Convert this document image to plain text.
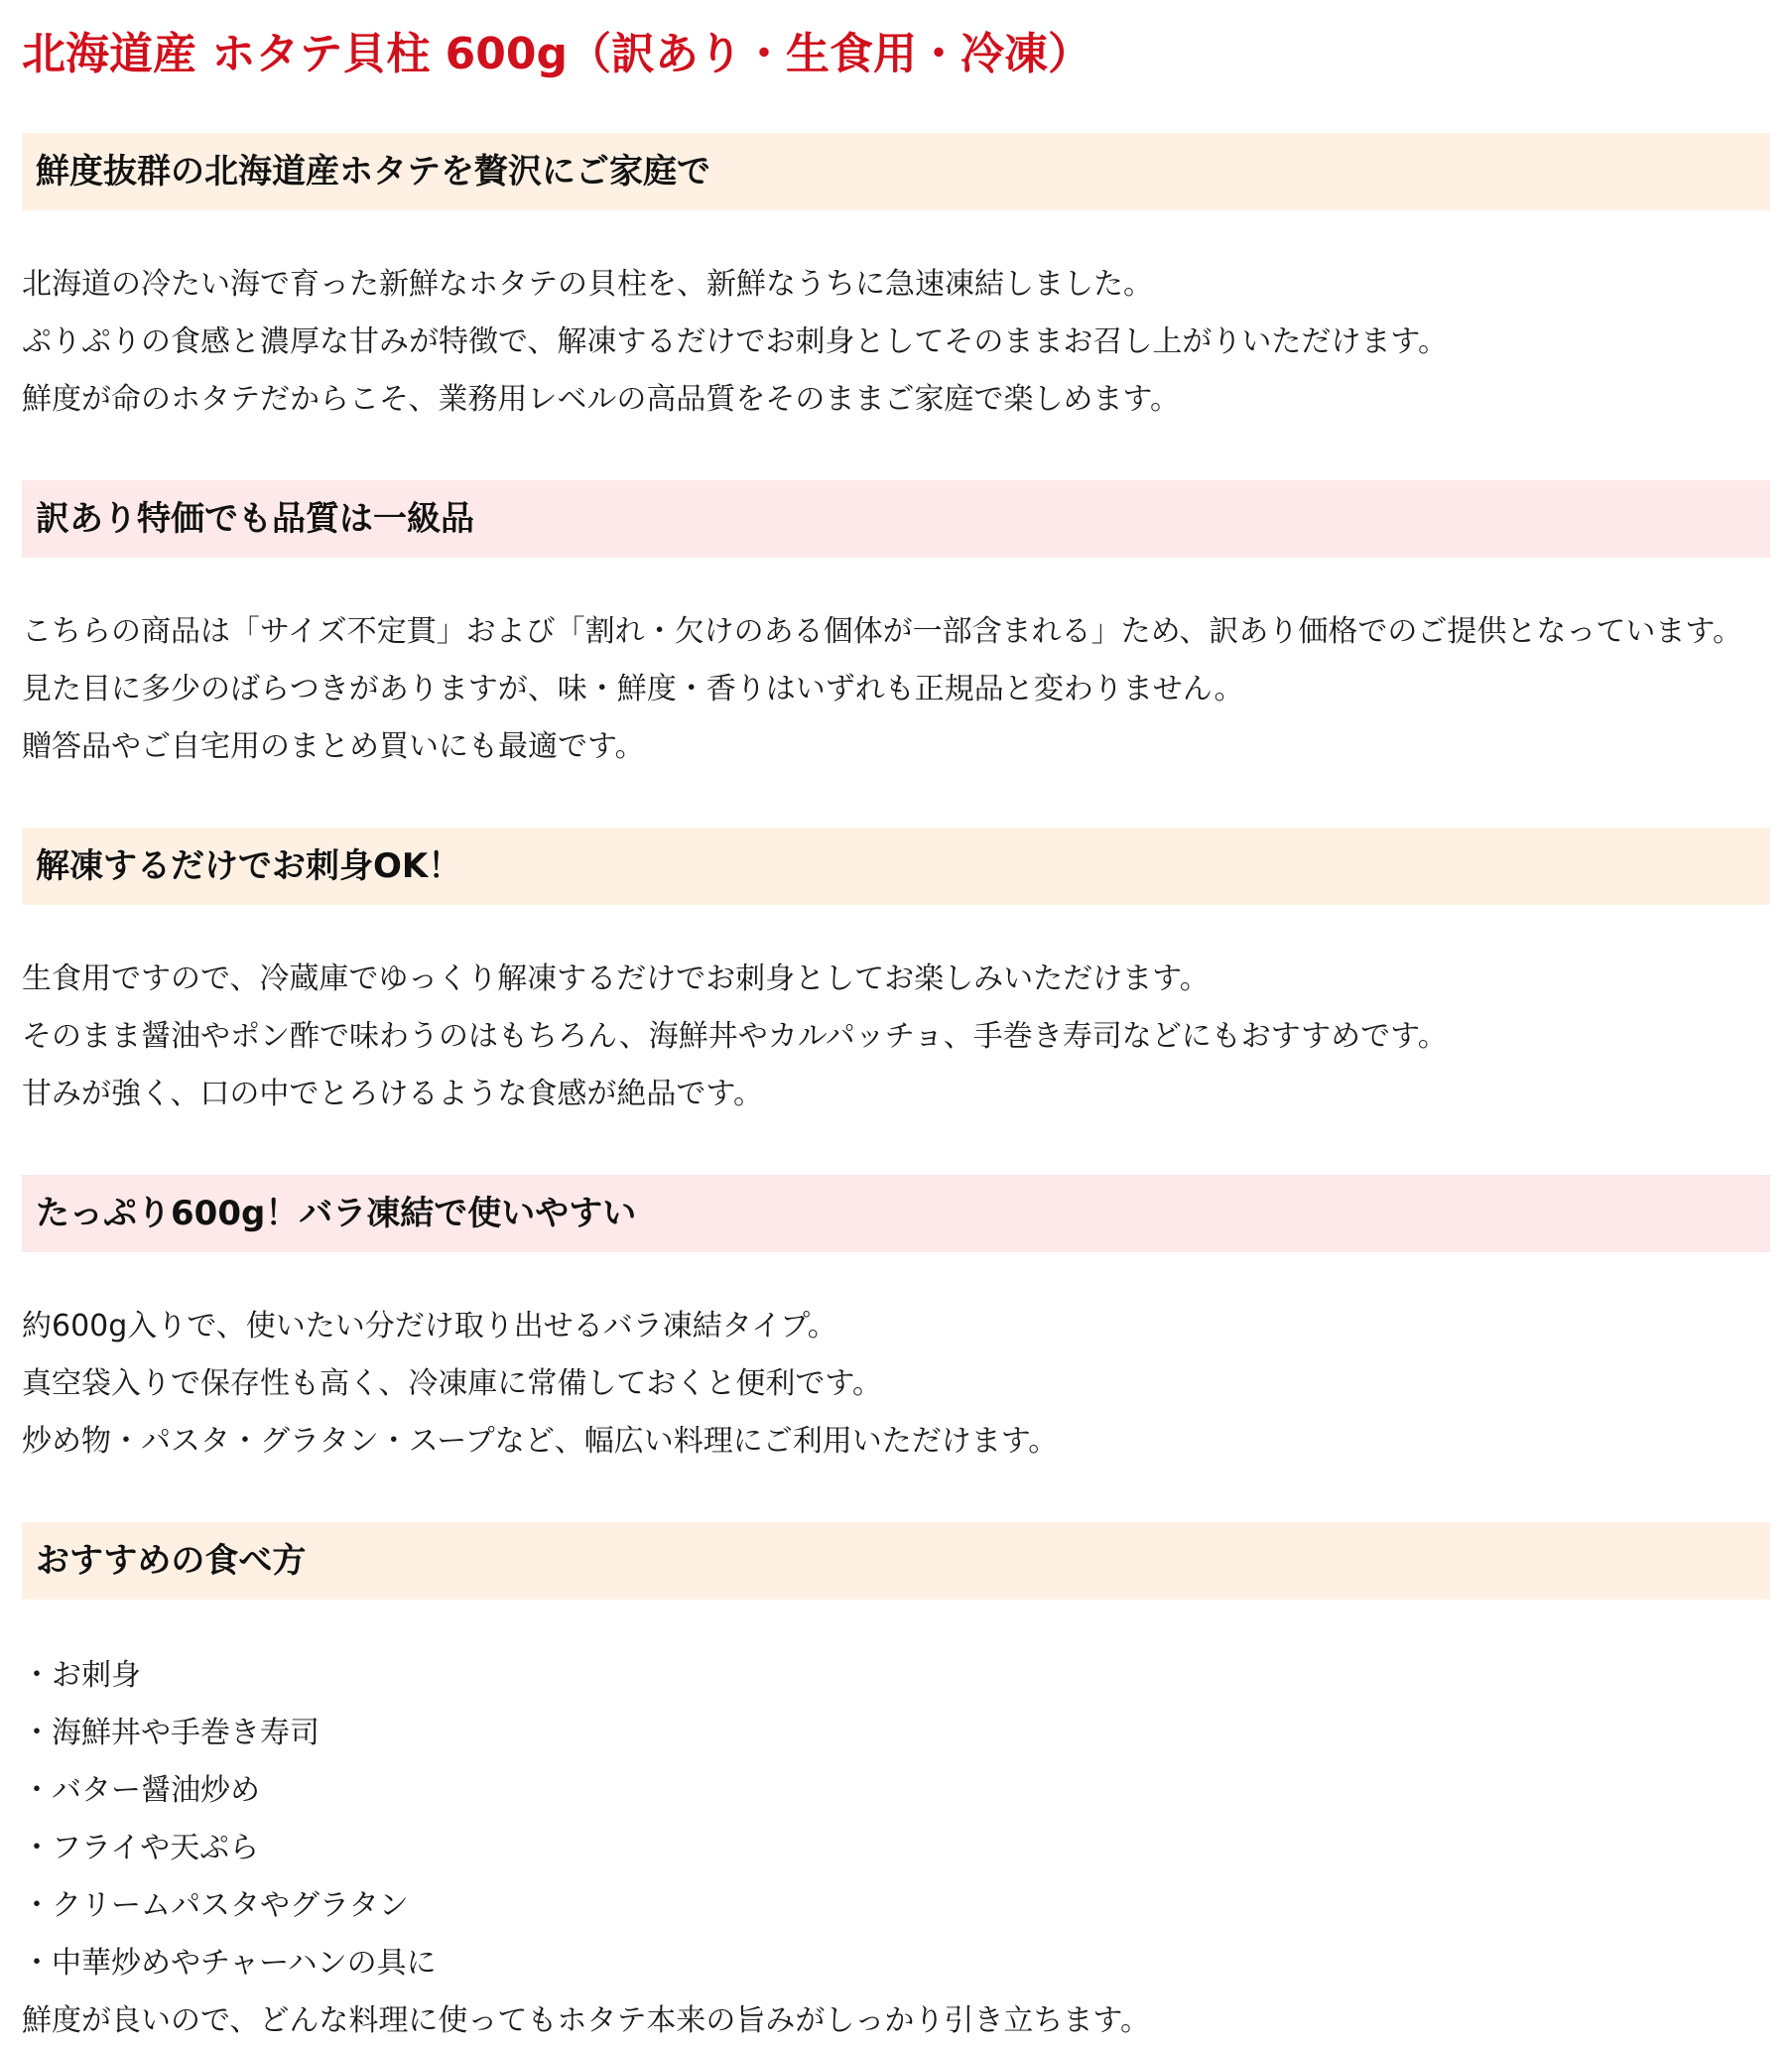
北海道産 ホタテ貝柱 600g（訳あり・生食用・冷凍）
鮮度抜群の北海道産ホタテを贅沢にご家庭で

北海道の冷たい海で育った新鮮なホタテの貝柱を、新鮮なうちに急速凍結しました。

ぷりぷりの食感と濃厚な甘みが特徴で、解凍するだけでお刺身としてそのままお召し上がりいただけます。

鮮度が命のホタテだからこそ、業務用レベルの高品質をそのままご家庭で楽しめます。

訳あり特価でも品質は一級品

こちらの商品は「サイズ不定貫」および「割れ・欠けのある個体が一部含まれる」ため、訳あり価格でのご提供となっています。

見た目に多少のばらつきがありますが、味・鮮度・香りはいずれも正規品と変わりません。

贈答品やご自宅用のまとめ買いにも最適です。

解凍するだけでお刺身OK！

生食用ですので、冷蔵庫でゆっくり解凍するだけでお刺身としてお楽しみいただけます。

そのまま醤油やポン酢で味わうのはもちろん、海鮮丼やカルパッチョ、手巻き寿司などにもおすすめです。

甘みが強く、口の中でとろけるような食感が絶品です。

たっぷり600g！バラ凍結で使いやすい

約600g入りで、使いたい分だけ取り出せるバラ凍結タイプ。

真空袋入りで保存性も高く、冷凍庫に常備しておくと便利です。

炒め物・パスタ・グラタン・スープなど、幅広い料理にご利用いただけます。

おすすめの食べ方
・お刺身
・海鮮丼や手巻き寿司
・バター醤油炒め
・フライや天ぷら
・クリームパスタやグラタン
・中華炒めやチャーハンの具に

鮮度が良いので、どんな料理に使ってもホタテ本来の旨みがしっかり引き立ちます。
